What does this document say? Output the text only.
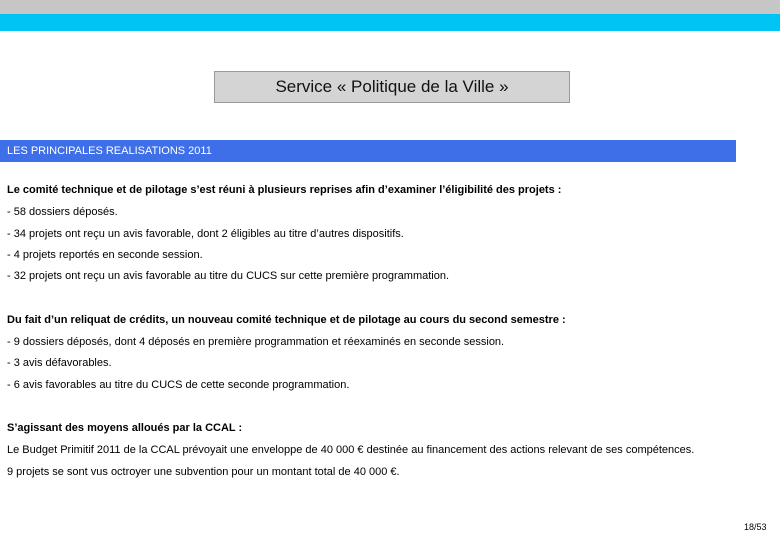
Service « Politique de la Ville »
LES PRINCIPALES REALISATIONS 2011
Le comité technique et de pilotage s’est réuni à plusieurs reprises afin d’examiner l’éligibilité des projets :
- 58 dossiers déposés.
- 34 projets ont reçu un avis favorable, dont 2 éligibles au titre d’autres dispositifs.
- 4 projets reportés en seconde session.
- 32 projets ont reçu un avis favorable au titre du CUCS sur cette première programmation.
Du fait d’un reliquat de crédits, un nouveau comité technique et de pilotage au cours du second semestre :
- 9 dossiers déposés, dont 4 déposés en première programmation et réexaminés en seconde session.
- 3 avis défavorables.
- 6 avis favorables au titre du CUCS de cette seconde programmation.
S’agissant des moyens alloués par la CCAL :
Le Budget Primitif 2011 de la CCAL prévoyait une enveloppe de 40 000 € destinée au financement des actions relevant de ses compétences.
9 projets se sont vus octroyer une subvention pour un montant total de 40 000 €.
18/53
